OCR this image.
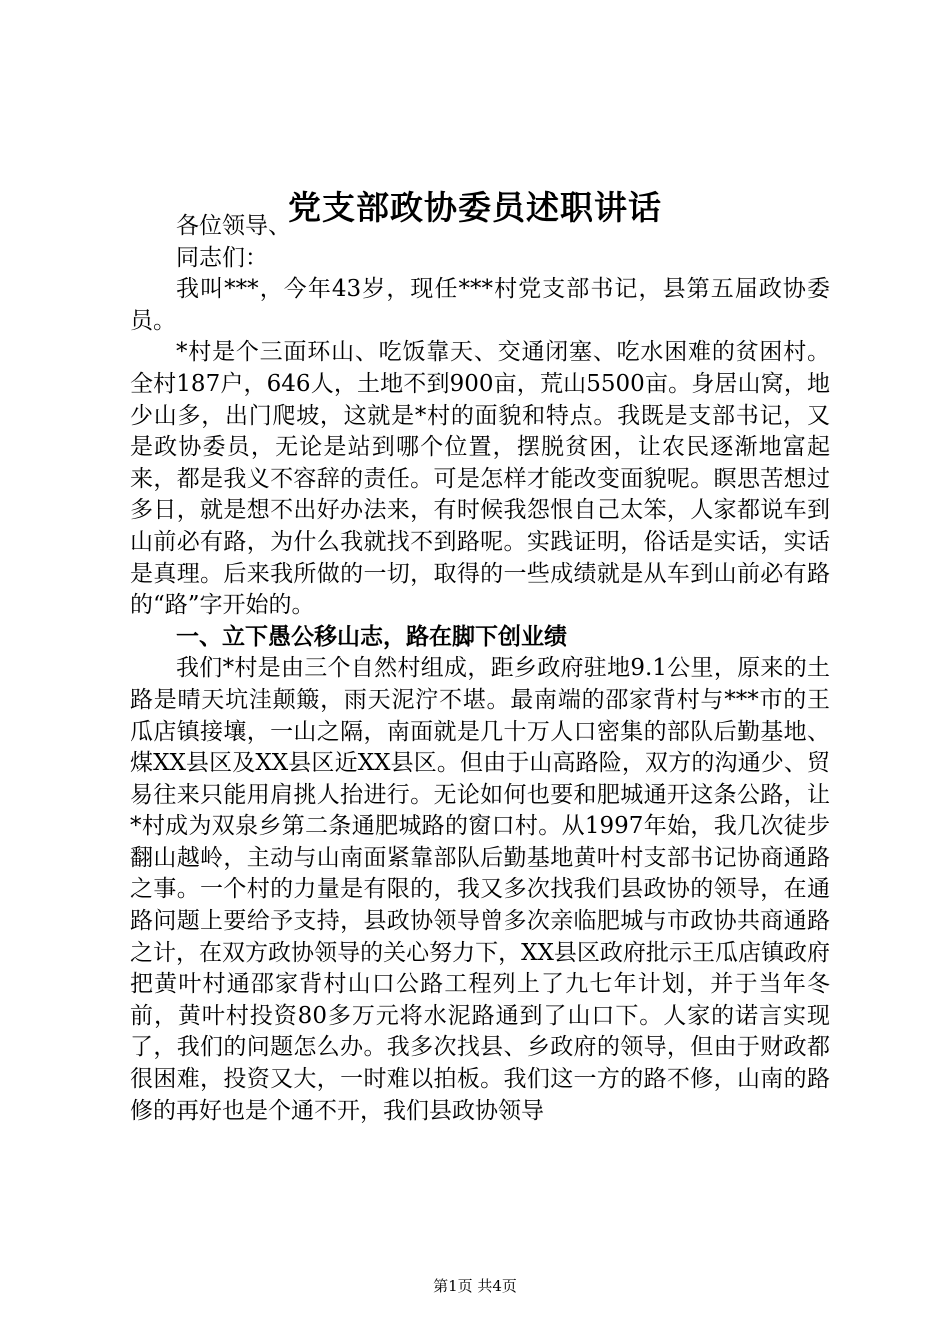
党支部政协委员述职讲话

各位领导、

同志们：

我叫***，今年43岁，现任***村党支部书记，县第五届政协委员。

*村是个三面环山、吃饭靠天、交通闭塞、吃水困难的贫困村。全村187户，646人，土地不到900亩，荒山5500亩。身居山窝，地少山多，出门爬坡，这就是*村的面貌和特点。我既是支部书记，又是政协委员，无论是站到哪个位置，摆脱贫困，让农民逐渐地富起来，都是我义不容辞的责任。可是怎样才能改变面貌呢。瞑思苦想过多日，就是想不出好办法来，有时候我怨恨自己太笨，人家都说车到山前必有路，为什么我就找不到路呢。实践证明，俗话是实话，实话是真理。后来我所做的一切，取得的一些成绩就是从车到山前必有路的“路”字开始的。

一、立下愚公移山志，路在脚下创业绩

我们*村是由三个自然村组成，距乡政府驻地9.1公里，原来的土路是晴天坑洼颠簸，雨天泥泞不堪。最南端的邵家背村与***市的王瓜店镇接壤，一山之隔，南面就是几十万人口密集的部队后勤基地、煤XX县区及XX县区近XX县区。但由于山高路险，双方的沟通少、贸易往来只能用肩挑人抬进行。无论如何也要和肥城通开这条公路，让*村成为双泉乡第二条通肥城路的窗口村。从1997年始，我几次徒步翻山越岭，主动与山南面紧靠部队后勤基地黄叶村支部书记协商通路之事。一个村的力量是有限的，我又多次找我们县政协的领导，在通路问题上要给予支持，县政协领导曾多次亲临肥城与市政协共商通路之计，在双方政协领导的关心努力下，XX县区政府批示王瓜店镇政府把黄叶村通邵家背村山口公路工程列上了九七年计划，并于当年冬前，黄叶村投资80多万元将水泥路通到了山口下。人家的诺言实现了，我们的问题怎么办。我多次找县、乡政府的领导，但由于财政都很困难，投资又大，一时难以拍板。我们这一方的路不修，山南的路修的再好也是个通不开，我们县政协领导

第1页 共4页
